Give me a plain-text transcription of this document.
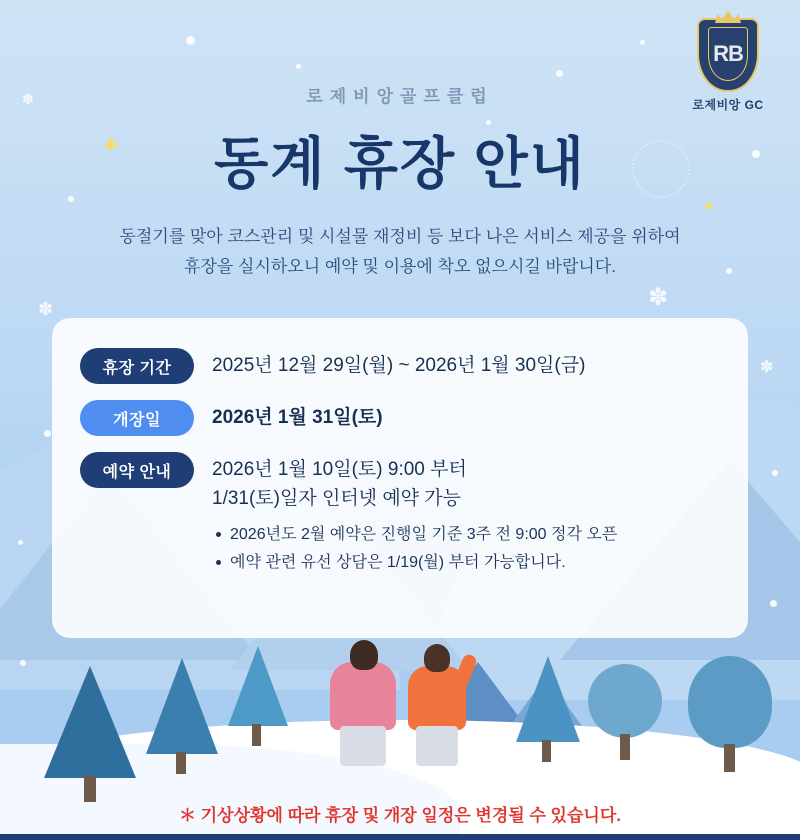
✦
✦
✽
✽
✽
✽
RB
로제비앙 GC
로제비앙골프클럽
동계 휴장 안내
동절기를 맞아 코스관리 및 시설물 재정비 등 보다 나은 서비스 제공을 위하여
휴장을 실시하오니 예약 및 이용에 착오 없으시길 바랍니다.
휴장 기간	2025년 12월 29일(월) ~ 2026년 1월 30일(금)
개장일	2026년 1월 31일(토)
예약 안내	2026년 1월 10일(토) 9:00 부터
1/31(토)일자 인터넷 예약 가능
2026년도 2월 예약은 진행일 기준 3주 전 9:00 정각 오픈
예약 관련 유선 상담은 1/19(월) 부터 가능합니다.
＊ 기상상황에 따라 휴장 및 개장 일정은 변경될 수 있습니다.
